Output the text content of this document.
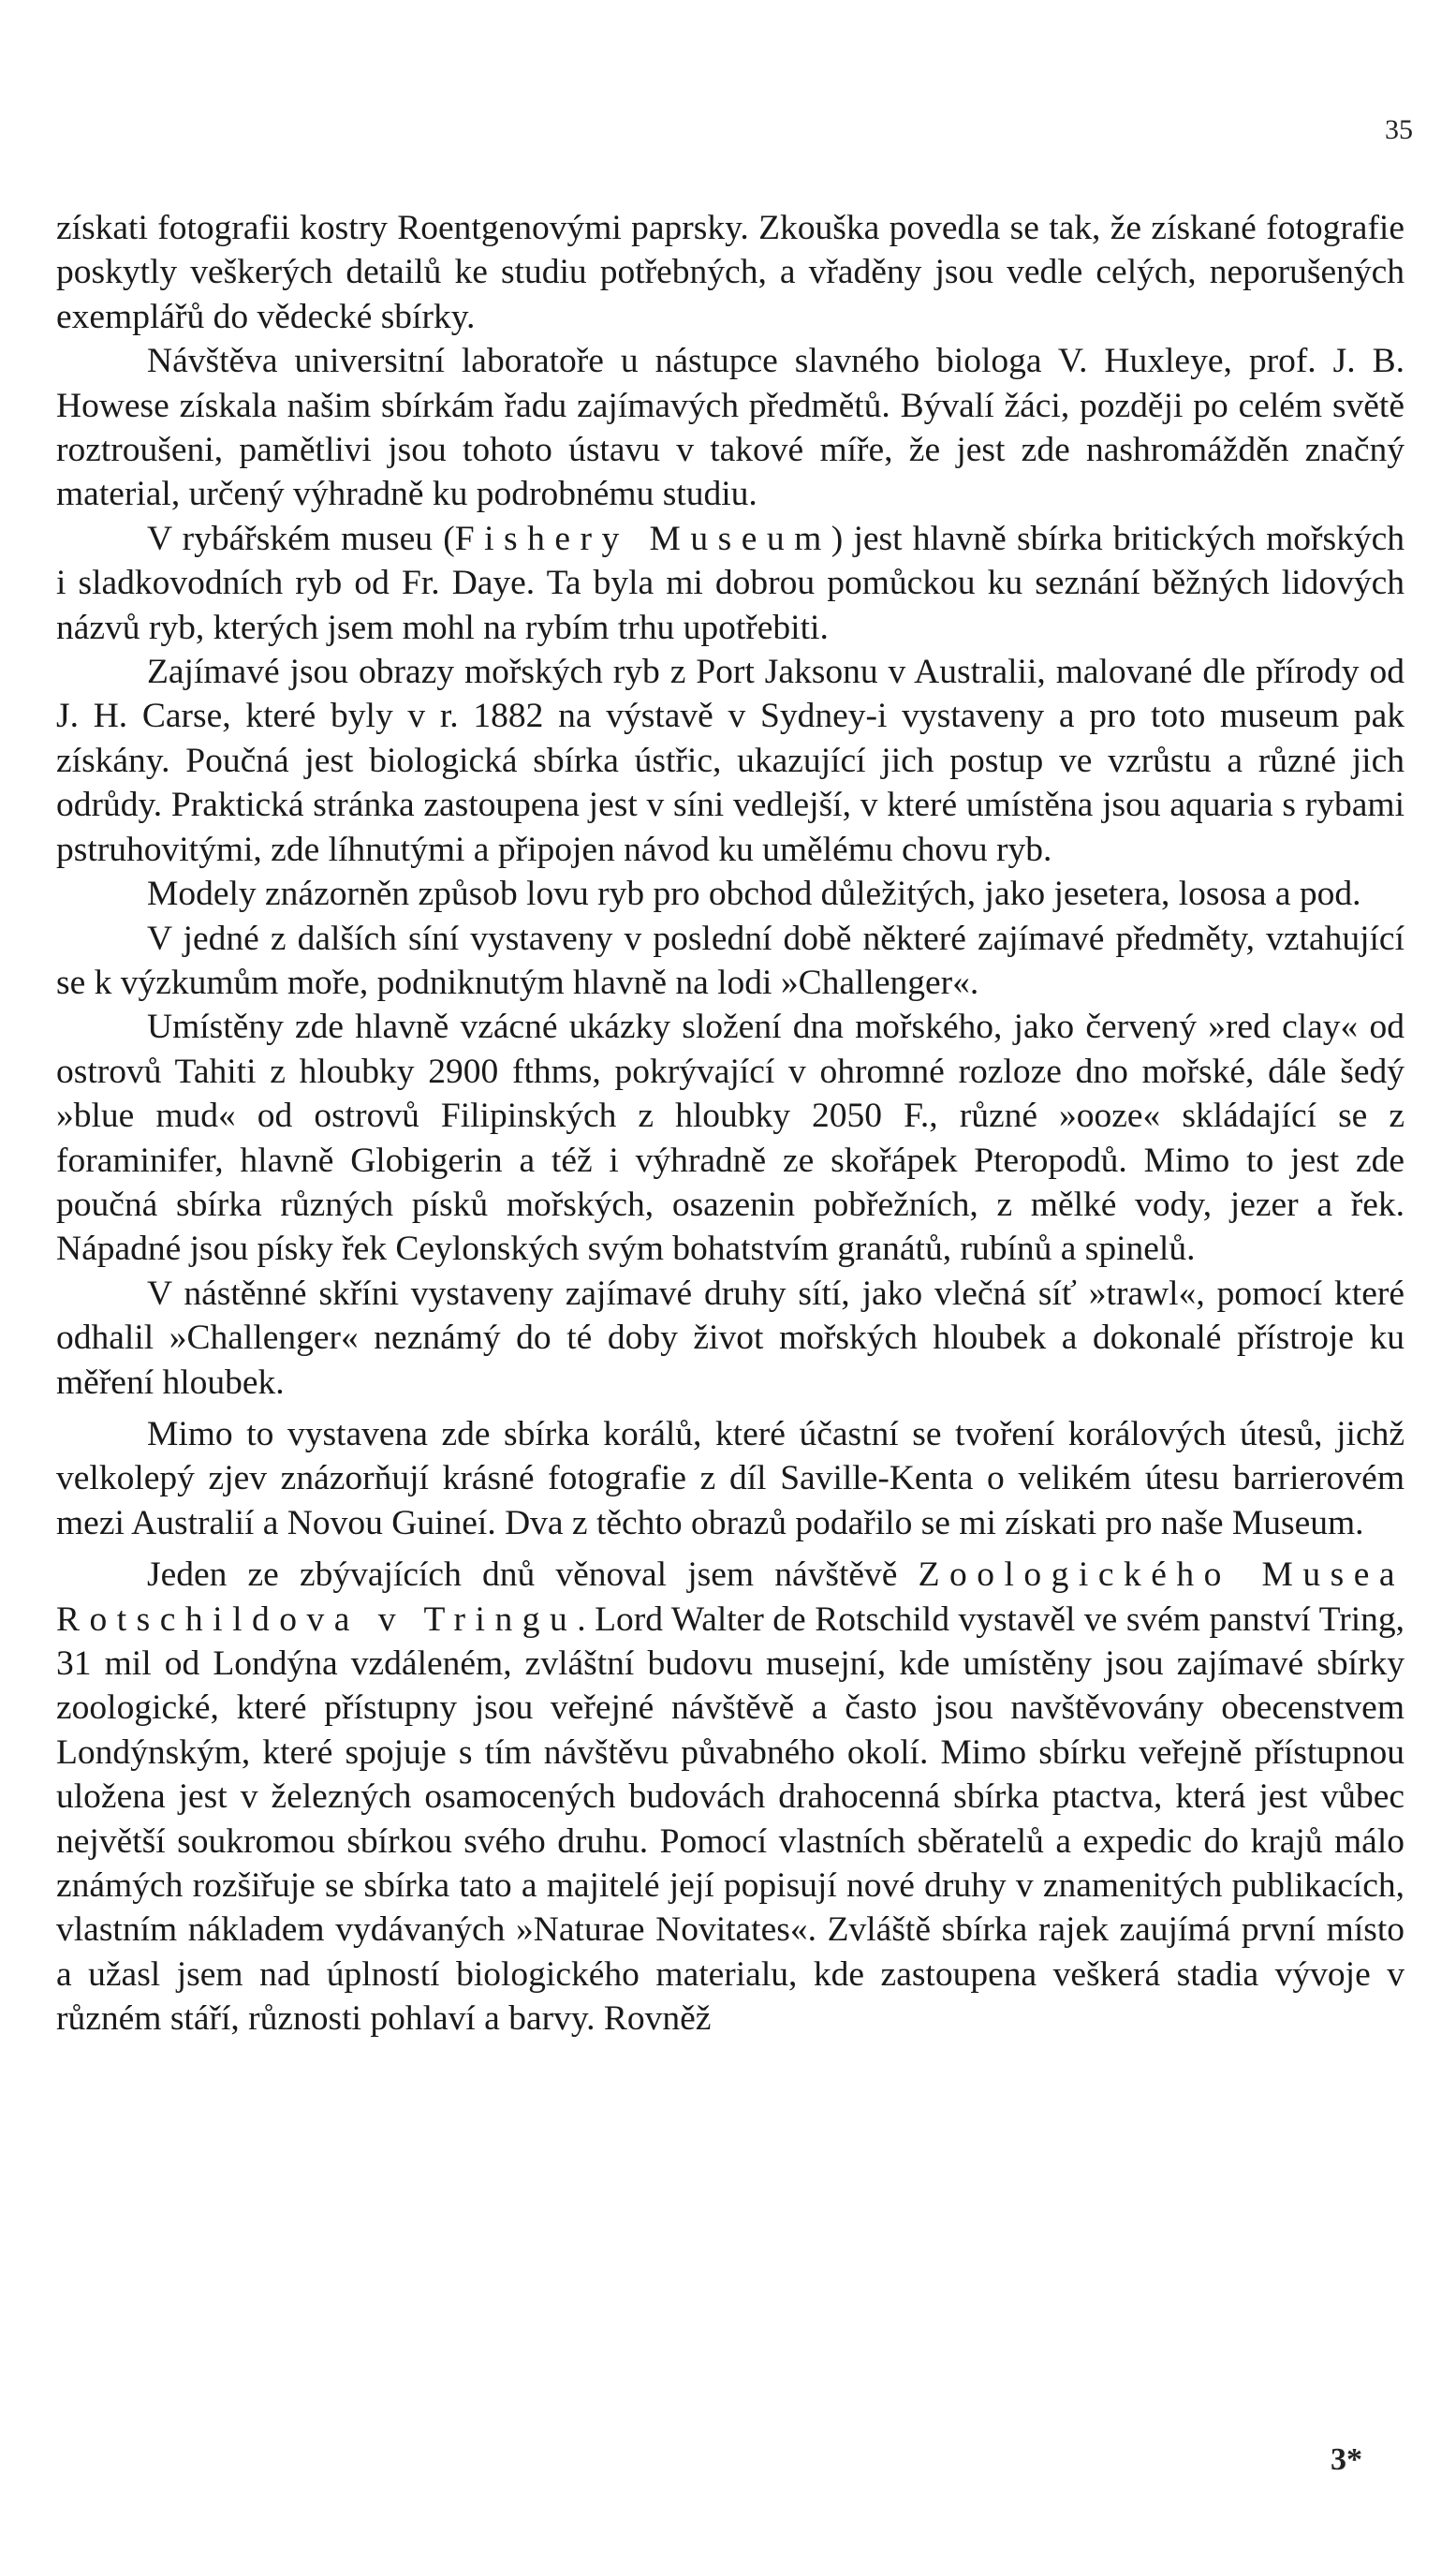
35

získati fotografii kostry Roentgenovými paprsky. Zkouška povedla se tak, že získané fotografie poskytly veškerých detailů ke studiu potřebných, a vřaděny jsou vedle celých, neporušených exemplářů do vědecké sbírky.

Návštěva universitní laboratoře u nástupce slavného biologa V. Huxleye, prof. J. B. Howese získala našim sbírkám řadu zajímavých předmětů. Bývalí žáci, později po celém světě roztroušeni, pamětlivi jsou tohoto ústavu v takové míře, že jest zde nashromážděn značný material, určený výhradně ku podrobnému studiu.

V rybářském museu (Fishery Museum) jest hlavně sbírka britických mořských i sladkovodních ryb od Fr. Daye. Ta byla mi dobrou pomůckou ku seznání běžných lidových názvů ryb, kterých jsem mohl na rybím trhu upotřebiti.

Zajímavé jsou obrazy mořských ryb z Port Jaksonu v Australii, malované dle přírody od J. H. Carse, které byly v r. 1882 na výstavě v Sydney-i vystaveny a pro toto museum pak získány. Poučná jest biologická sbírka ústřic, ukazující jich postup ve vzrůstu a různé jich odrůdy. Praktická stránka zastoupena jest v síni vedlejší, v které umístěna jsou aquaria s rybami pstruhovitými, zde líhnutými a připojen návod ku umělému chovu ryb.

Modely znázorněn způsob lovu ryb pro obchod důležitých, jako jesetera, lososa a pod.

V jedné z dalších síní vystaveny v poslední době některé zajímavé předměty, vztahující se k výzkumům moře, podniknutým hlavně na lodi »Challenger«.

Umístěny zde hlavně vzácné ukázky složení dna mořského, jako červený »red clay« od ostrovů Tahiti z hloubky 2900 fthms, pokrývající v ohromné rozloze dno mořské, dále šedý »blue mud« od ostrovů Filipinských z hloubky 2050 F., různé »ooze« skládající se z foraminifer, hlavně Globigerin a též i výhradně ze skořápek Pteropodů. Mimo to jest zde poučná sbírka různých písků mořských, osazenin pobřežních, z mělké vody, jezer a řek. Nápadné jsou písky řek Ceylonských svým bohatstvím granátů, rubínů a spinelů.

V nástěnné skříni vystaveny zajímavé druhy sítí, jako vlečná síť »trawl«, pomocí které odhalil »Challenger« neznámý do té doby život mořských hloubek a dokonalé přístroje ku měření hloubek.

Mimo to vystavena zde sbírka korálů, které účastní se tvoření korálových útesů, jichž velkolepý zjev znázorňují krásné fotografie z díl Saville-Kenta o velikém útesu barrierovém mezi Australií a Novou Guineí. Dva z těchto obrazů podařilo se mi získati pro naše Museum.

Jeden ze zbývajících dnů věnoval jsem návštěvě Zoologického Musea Rotschildova v Tringu. Lord Walter de Rotschild vystavěl ve svém panství Tring, 31 mil od Londýna vzdáleném, zvláštní budovu musejní, kde umístěny jsou zajímavé sbírky zoologické, které přístupny jsou veřejné návštěvě a často jsou navštěvovány obecenstvem Londýnským, které spojuje s tím návštěvu půvabného okolí. Mimo sbírku veřejně přístupnou uložena jest v železných osamocených budovách drahocenná sbírka ptactva, která jest vůbec největší soukromou sbírkou svého druhu. Pomocí vlastních sběratelů a expedic do krajů málo známých rozšiřuje se sbírka tato a majitelé její popisují nové druhy v znamenitých publikacích, vlastním nákladem vydávaných »Naturae Novitates«. Zvláště sbírka rajek zaujímá první místo a užasl jsem nad úplností biologického materialu, kde zastoupena veškerá stadia vývoje v různém stáří, různosti pohlaví a barvy. Rovněž

3*
